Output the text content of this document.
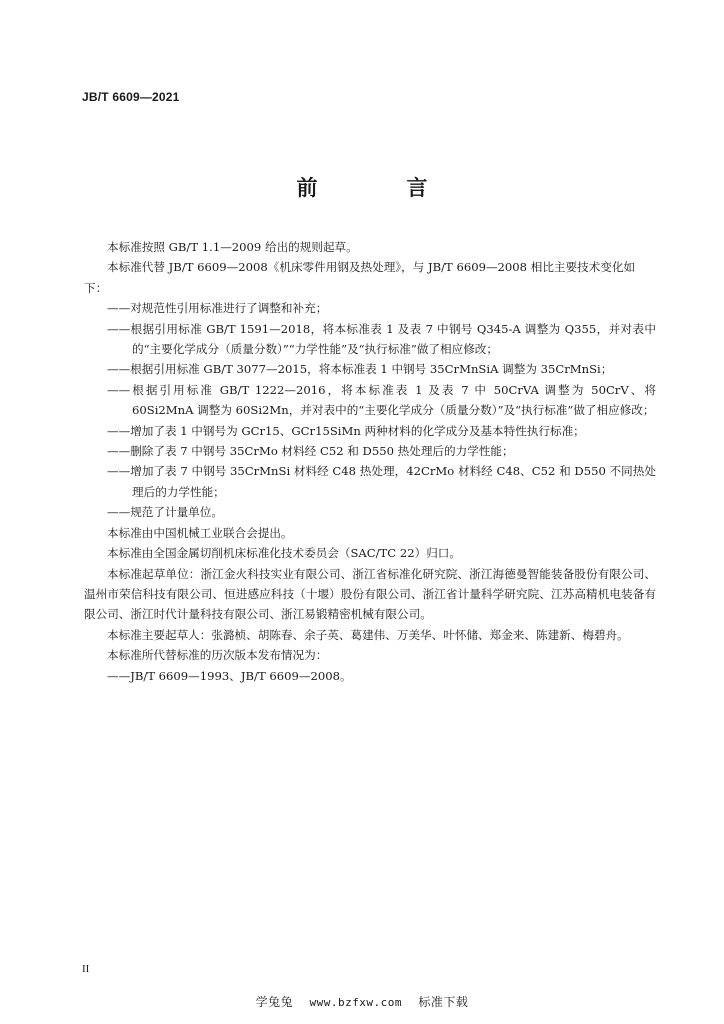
JB/T 6609—2021
前　言

本标准按照 GB/T 1.1—2009 给出的规则起草。

本标准代替 JB/T 6609—2008《机床零件用钢及热处理》，与 JB/T 6609—2008 相比主要技术变化如下：

——对规范性引用标准进行了调整和补充；

——根据引用标准 GB/T 1591—2018，将本标准表 1 及表 7 中钢号 Q345-A 调整为 Q355，并对表中的“主要化学成分（质量分数）”“力学性能”及“执行标准”做了相应修改；

——根据引用标准 GB/T 3077—2015，将本标准表 1 中钢号 35CrMnSiA 调整为 35CrMnSi；

——根据引用标准 GB/T 1222—2016，将本标准表 1 及表 7 中 50CrVA 调整为 50CrV、将 60Si2MnA 调整为 60Si2Mn，并对表中的“主要化学成分（质量分数）”及“执行标准”做了相应修改；

——增加了表 1 中钢号为 GCr15、GCr15SiMn 两种材料的化学成分及基本特性执行标准；

——删除了表 7 中钢号 35CrMo 材料经 C52 和 D550 热处理后的力学性能；

——增加了表 7 中钢号 35CrMnSi 材料经 C48 热处理，42CrMo 材料经 C48、C52 和 D550 不同热处理后的力学性能；

——规范了计量单位。

本标准由中国机械工业联合会提出。

本标准由全国金属切削机床标准化技术委员会（SAC/TC 22）归口。

本标准起草单位：浙江金火科技实业有限公司、浙江省标准化研究院、浙江海德曼智能装备股份有限公司、温州市荣信科技有限公司、恒进感应科技（十堰）股份有限公司、浙江省计量科学研究院、江苏高精机电装备有限公司、浙江时代计量科技有限公司、浙江易锻精密机械有限公司。

本标准主要起草人：张潞桢、胡陈春、余子英、葛建伟、万美华、叶怀储、郑金来、陈建新、梅碧舟。

本标准所代替标准的历次版本发布情况为：

——JB/T 6609—1993、JB/T 6609—2008。

II
学兔兔 www.bzfxw.com 标准下载
